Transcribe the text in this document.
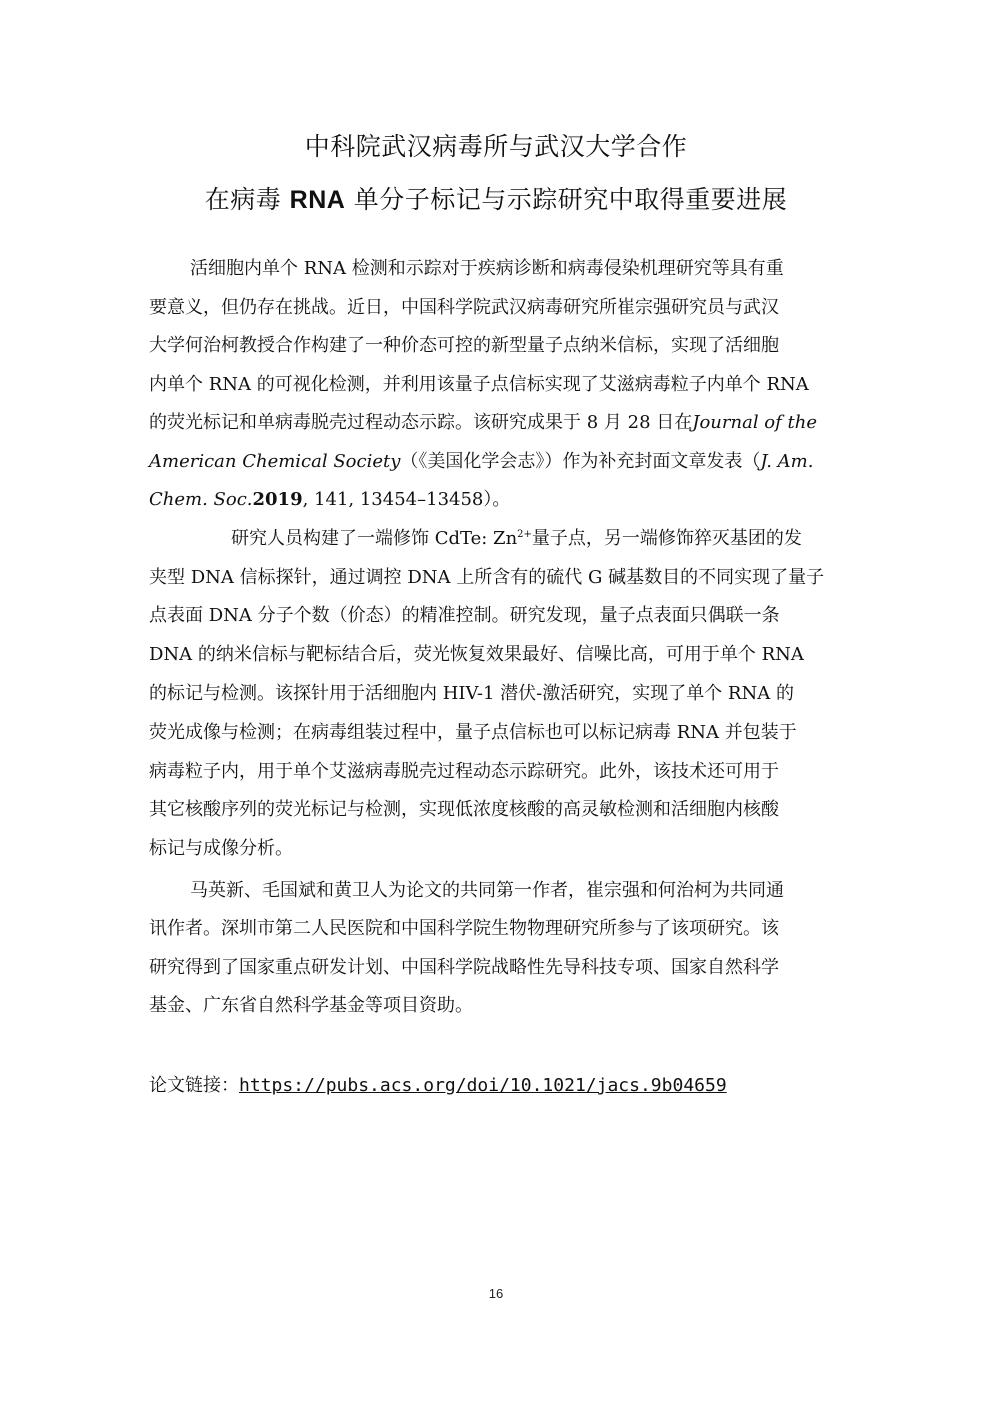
中科院武汉病毒所与武汉大学合作
在病毒 RNA 单分子标记与示踪研究中取得重要进展
活细胞内单个 RNA 检测和示踪对于疾病诊断和病毒侵染机理研究等具有重
要意义，但仍存在挑战。近日，中国科学院武汉病毒研究所崔宗强研究员与武汉
大学何治柯教授合作构建了一种价态可控的新型量子点纳米信标，实现了活细胞
内单个 RNA 的可视化检测，并利用该量子点信标实现了艾滋病毒粒子内单个 RNA
的荧光标记和单病毒脱壳过程动态示踪。该研究成果于 8 月 28 日在Journal of the
American Chemical Society（《美国化学会志》）作为补充封面文章发表（J. Am.
Chem. Soc.2019, 141, 13454–13458）。
研究人员构建了一端修饰 CdTe: $Zn^{2+}$量子点，另一端修饰猝灭基团的发
夹型 DNA 信标探针，通过调控 DNA 上所含有的硫代 G 碱基数目的不同实现了量子
点表面 DNA 分子个数（价态）的精准控制。研究发现，量子点表面只偶联一条
DNA 的纳米信标与靶标结合后，荧光恢复效果最好、信噪比高，可用于单个 RNA
的标记与检测。该探针用于活细胞内 HIV-1 潜伏-激活研究，实现了单个 RNA 的
荧光成像与检测；在病毒组装过程中，量子点信标也可以标记病毒 RNA 并包装于
病毒粒子内，用于单个艾滋病毒脱壳过程动态示踪研究。此外，该技术还可用于
其它核酸序列的荧光标记与检测，实现低浓度核酸的高灵敏检测和活细胞内核酸
标记与成像分析。
马英新、毛国斌和黄卫人为论文的共同第一作者，崔宗强和何治柯为共同通
讯作者。深圳市第二人民医院和中国科学院生物物理研究所参与了该项研究。该
研究得到了国家重点研发计划、中国科学院战略性先导科技专项、国家自然科学
基金、广东省自然科学基金等项目资助。
论文链接：https://pubs.acs.org/doi/10.1021/jacs.9b04659
16
